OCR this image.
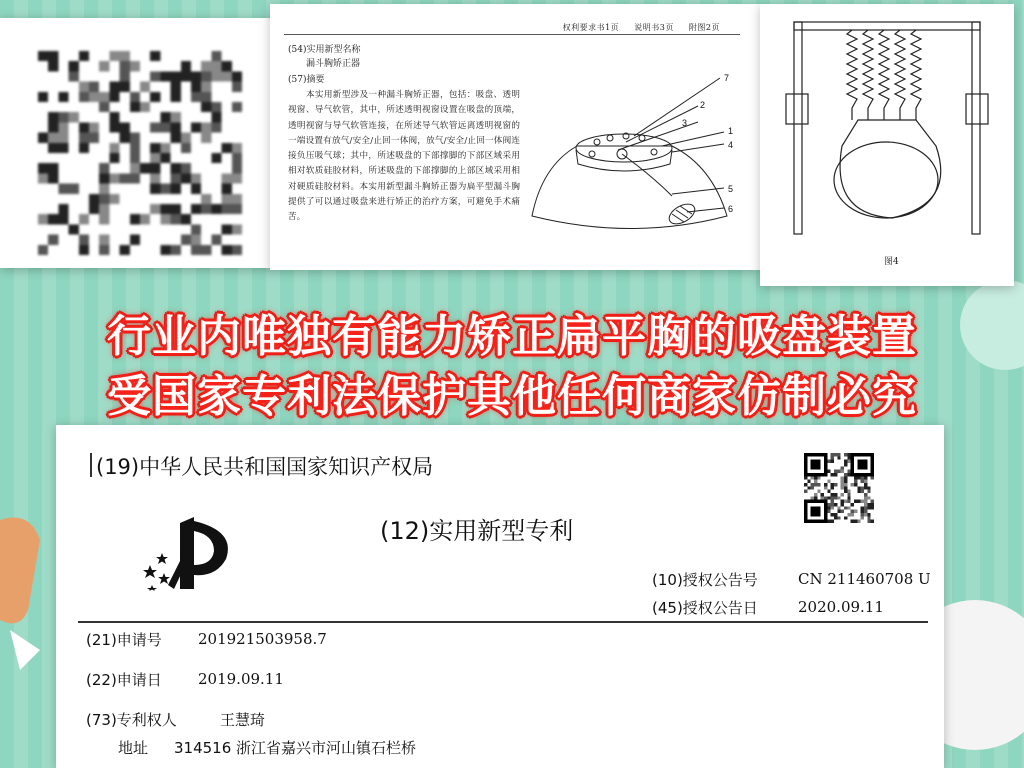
权利要求书1页 说明书3页 附图2页
(54)实用新型名称
漏斗胸矫正器
(57)摘要
本实用新型涉及一种漏斗胸矫正器，包括：吸盘、透明视窗、导气软管，其中，所述透明视窗设置在吸盘的顶端，透明视窗与导气软管连接，在所述导气软管远离透明视窗的一端设置有放气/安全/止回一体阀，放气/安全/止回一体阀连接负压吸气球；其中，所述吸盘的下部撑脚的下部区域采用相对软质硅胶材料，所述吸盘的下部撑脚的上部区域采用相对硬质硅胶材料。本实用新型漏斗胸矫正器为扁平型漏斗胸提供了可以通过吸盘来进行矫正的治疗方案，可避免手术痛苦。
7
2
3
1
4
5
6
图4
行业内唯独有能力矫正扁平胸的吸盘装置
受国家专利法保护其他任何商家仿制必究
(19)中华人民共和国国家知识产权局
(12)实用新型专利
(10)授权公告号	CN 211460708 U
(45)授权公告日	2020.09.11
(21)申请号 201921503958.7
(22)申请日 2019.09.11
(73)专利权人	王慧琦
地址 314516 浙江省嘉兴市河山镇石栏桥
